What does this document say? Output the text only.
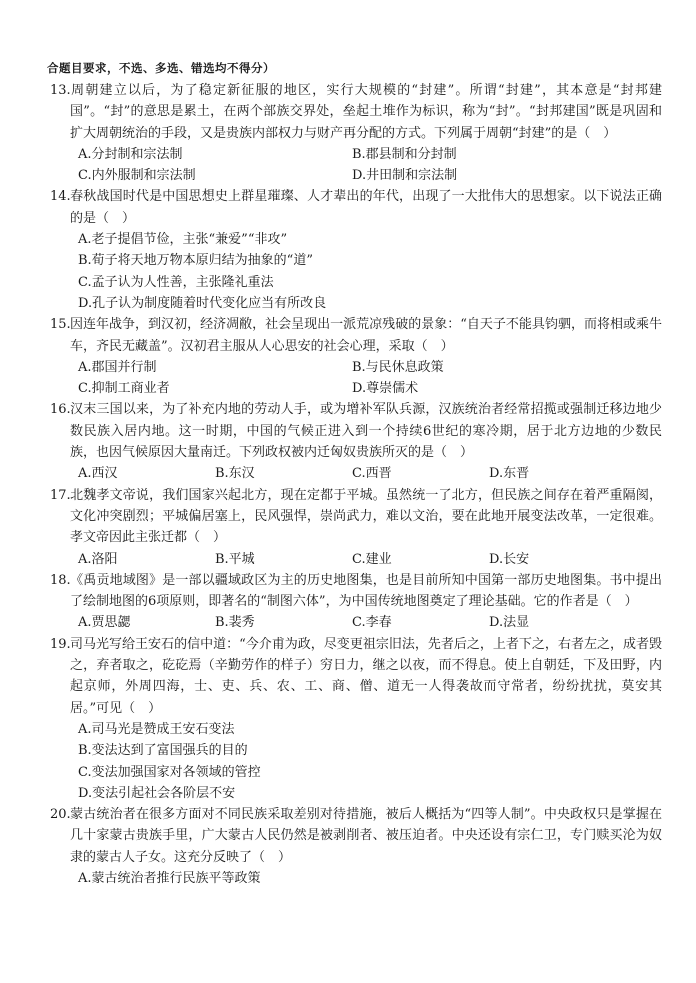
合题目要求，不选、多选、错选均不得分）

13.周朝建立以后，为了稳定新征服的地区，实行大规模的“封建”。所谓“封建”，其本意是“封邦建国”。“封”的意思是累土，在两个部族交界处，垒起土堆作为标识，称为“封”。“封邦建国”既是巩固和扩大周朝统治的手段，又是贵族内部权力与财产再分配的方式。下列属于周朝“封建”的是（　）

A.分封制和宗法制	B.郡县制和分封制
C.内外服制和宗法制	D.井田制和宗法制

14.春秋战国时代是中国思想史上群星璀璨、人才辈出的年代，出现了一大批伟大的思想家。以下说法正确的是（　）

A.老子提倡节俭，主张“兼爱”“非攻”
B.荀子将天地万物本原归结为抽象的“道”
C.孟子认为人性善，主张隆礼重法
D.孔子认为制度随着时代变化应当有所改良

15.因连年战争，到汉初，经济凋敝，社会呈现出一派荒凉残破的景象：“自天子不能具钧驷，而将相或乘牛车，齐民无藏盖”。汉初君主服从人心思安的社会心理，采取（　）

A.郡国并行制	B.与民休息政策
C.抑制工商业者	D.尊崇儒术

16.汉末三国以来，为了补充内地的劳动人手，或为增补军队兵源，汉族统治者经常招揽或强制迁移边地少数民族入居内地。这一时期，中国的气候正进入到一个持续6世纪的寒冷期，居于北方边地的少数民族，也因气候原因大量南迁。下列政权被内迁匈奴贵族所灭的是（　）

A.西汉	B.东汉	C.西晋	D.东晋

17.北魏孝文帝说，我们国家兴起北方，现在定都于平城。虽然统一了北方，但民族之间存在着严重隔阂，文化冲突剧烈；平城偏居塞上，民风强悍，崇尚武力，难以文治，要在此地开展变法改革，一定很难。孝文帝因此主张迁都（　）

A.洛阳	B.平城	C.建业	D.长安

18.《禹贡地域图》是一部以疆域政区为主的历史地图集，也是目前所知中国第一部历史地图集。书中提出了绘制地图的6项原则，即著名的“制图六体”，为中国传统地图奠定了理论基础。它的作者是（　）

A.贾思勰	B.裴秀	C.李春	D.法显

19.司马光写给王安石的信中道：“今介甫为政，尽变更祖宗旧法，先者后之，上者下之，右者左之，成者毁之，弃者取之，矻矻焉（辛勤劳作的样子）穷日力，继之以夜，而不得息。使上自朝廷，下及田野，内起京师，外周四海，士、吏、兵、农、工、商、僧、道无一人得袭故而守常者，纷纷扰扰，莫安其居。”可见（　）

A.司马光是赞成王安石变法
B.变法达到了富国强兵的目的
C.变法加强国家对各领域的管控
D.变法引起社会各阶层不安

20.蒙古统治者在很多方面对不同民族采取差别对待措施，被后人概括为“四等人制”。中央政权只是掌握在几十家蒙古贵族手里，广大蒙古人民仍然是被剥削者、被压迫者。中央还设有宗仁卫，专门赎买沦为奴隶的蒙古人子女。这充分反映了（　）

A.蒙古统治者推行民族平等政策
